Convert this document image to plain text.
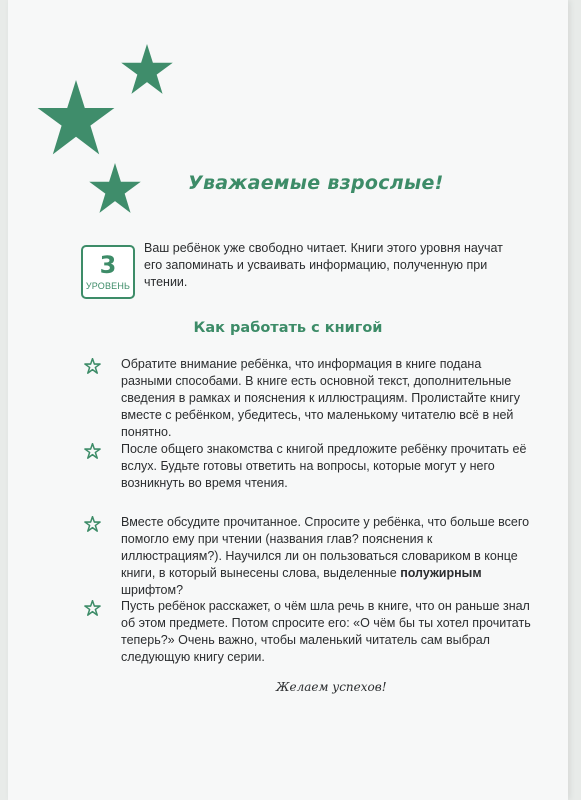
Уважаемые взрослые!
3
УРОВЕНЬ
Ваш ребёнок уже свободно читает. Книги этого уровня научат его запоминать и усваивать информацию, полученную при чтении.
Как работать с книгой

Обратите внимание ребёнка, что информация в книге подана разными способами. В книге есть основной текст, дополнительные сведения в рамках и пояснения к иллюстрациям. Пролистайте книгу вместе с ребёнком, убедитесь, что маленькому читателю всё в ней понятно.

После общего знакомства с книгой предложите ребёнку прочитать её вслух. Будьте готовы ответить на вопросы, которые могут у него возникнуть во время чтения.

Вместе обсудите прочитанное. Спросите у ребёнка, что больше всего помогло ему при чтении (названия глав? пояснения к иллюстрациям?). Научился ли он пользоваться словариком в конце книги, в который вынесены слова, выделенные полужирным шрифтом?

Пусть ребёнок расскажет, о чём шла речь в книге, что он раньше знал об этом предмете. Потом спросите его: «О чём бы ты хотел прочитать теперь?» Очень важно, чтобы маленький читатель сам выбрал следующую книгу серии.

Желаем успехов!
